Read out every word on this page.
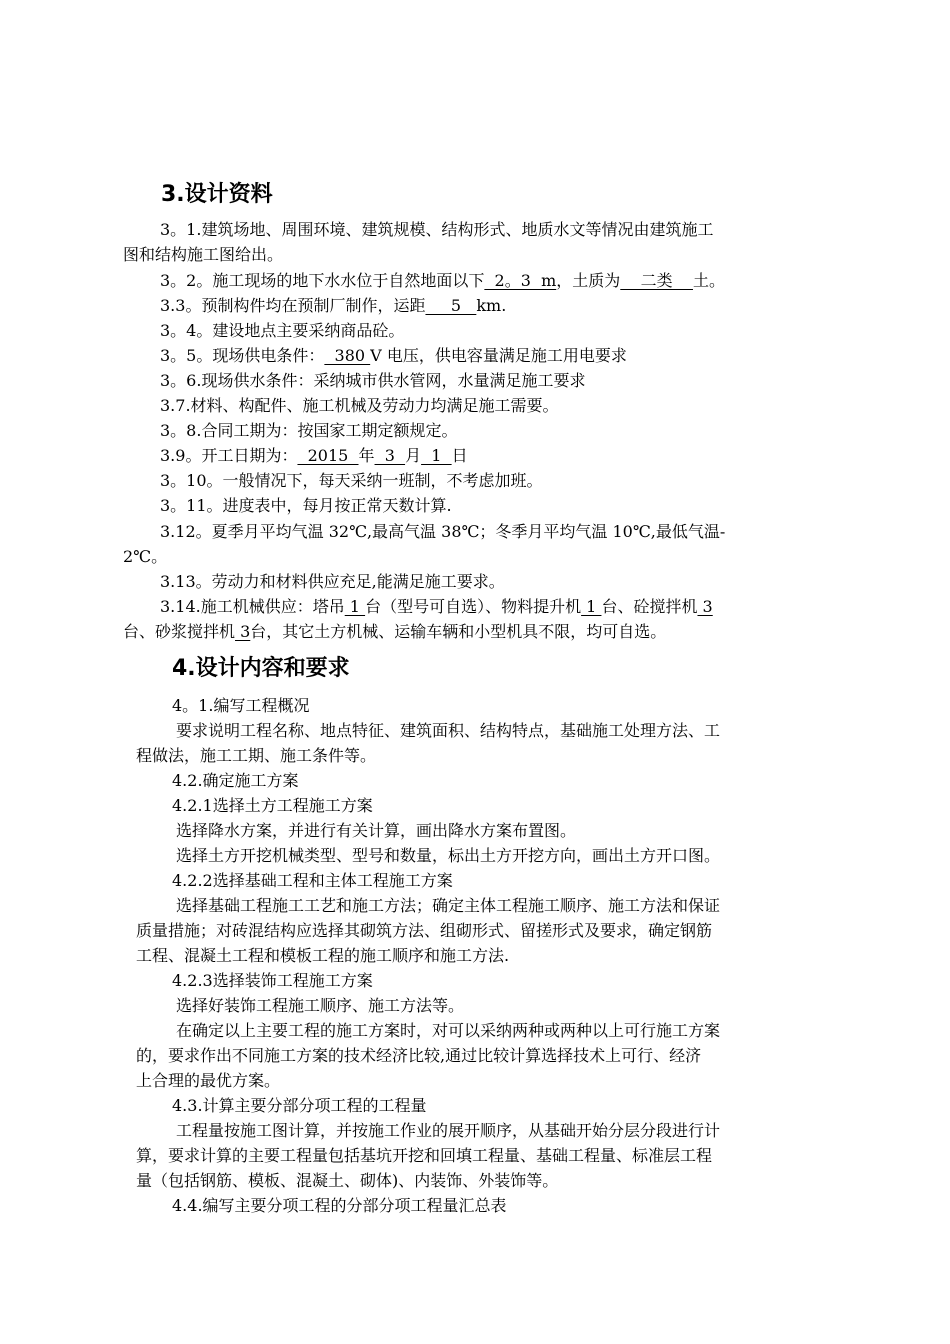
3.设计资料
3。1.建筑场地、周围环境、建筑规模、结构形式、地质水文等情况由建筑施工
图和结构施工图给出。
3。2。施工现场的地下水水位于自然地面以下  2。3  m，土质为    二类    土。
3.3。预制构件均在预制厂制作，运距     5   km.
3。4。建设地点主要采纳商品砼。
3。5。现场供电条件：  380 V 电压，供电容量满足施工用电要求
3。6.现场供水条件：采纳城市供水管网，水量满足施工要求
3.7.材料、构配件、施工机械及劳动力均满足施工需要。
3。8.合同工期为：按国家工期定额规定。
3.9。开工日期为：  2015  年  3  月  1  日
3。10。一般情况下，每天采纳一班制，不考虑加班。
3。11。进度表中，每月按正常天数计算.
3.12。夏季月平均气温 32℃,最高气温 38℃；冬季月平均气温 10℃,最低气温-
2℃。
3.13。劳动力和材料供应充足,能满足施工要求。
3.14.施工机械供应：塔吊 1 台（型号可自选）、物料提升机 1 台、砼搅拌机 3
台、砂浆搅拌机 3台，其它土方机械、运输车辆和小型机具不限，均可自选。
4.设计内容和要求
4。1.编写工程概况
要求说明工程名称、地点特征、建筑面积、结构特点，基础施工处理方法、工
程做法，施工工期、施工条件等。
4.2.确定施工方案
4.2.1选择土方工程施工方案
选择降水方案，并进行有关计算，画出降水方案布置图。
选择土方开挖机械类型、型号和数量，标出土方开挖方向，画出土方开口图。
4.2.2选择基础工程和主体工程施工方案
选择基础工程施工工艺和施工方法；确定主体工程施工顺序、施工方法和保证
质量措施；对砖混结构应选择其砌筑方法、组砌形式、留搓形式及要求，确定钢筋
工程、混凝土工程和模板工程的施工顺序和施工方法.
4.2.3选择装饰工程施工方案
选择好装饰工程施工顺序、施工方法等。
在确定以上主要工程的施工方案时，对可以采纳两种或两种以上可行施工方案
的，要求作出不同施工方案的技术经济比较,通过比较计算选择技术上可行、经济
上合理的最优方案。
4.3.计算主要分部分项工程的工程量
工程量按施工图计算，并按施工作业的展开顺序，从基础开始分层分段进行计
算，要求计算的主要工程量包括基坑开挖和回填工程量、基础工程量、标准层工程
量（包括钢筋、模板、混凝土、砌体)、内装饰、外装饰等。
4.4.编写主要分项工程的分部分项工程量汇总表
